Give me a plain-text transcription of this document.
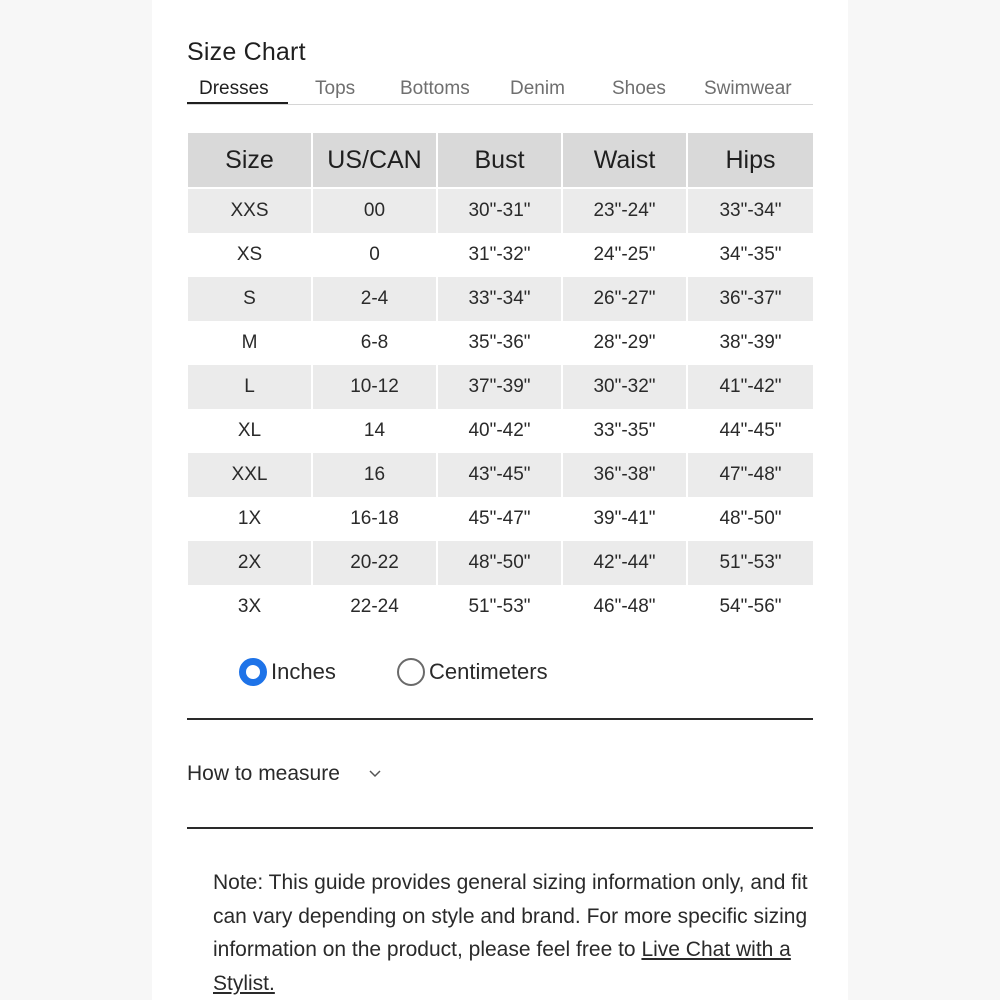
Size Chart
Dresses Tops Bottoms Denim Shoes Swimwear
Size	US/CAN	Bust	Waist	Hips
XXS	00	30"-31"	23"-24"	33"-34"
XS	0	31"-32"	24"-25"	34"-35"
S	2-4	33"-34"	26"-27"	36"-37"
M	6-8	35"-36"	28"-29"	38"-39"
L	10-12	37"-39"	30"-32"	41"-42"
XL	14	40"-42"	33"-35"	44"-45"
XXL	16	43"-45"	36"-38"	47"-48"
1X	16-18	45"-47"	39"-41"	48"-50"
2X	20-22	48"-50"	42"-44"	51"-53"
3X	22-24	51"-53"	46"-48"	54"-56"
Inches	Centimeters
How to measure
Note: This guide provides general sizing information only, and fit can vary depending on style and brand. For more specific sizing information on the product, please feel free to Live Chat with a Stylist.
